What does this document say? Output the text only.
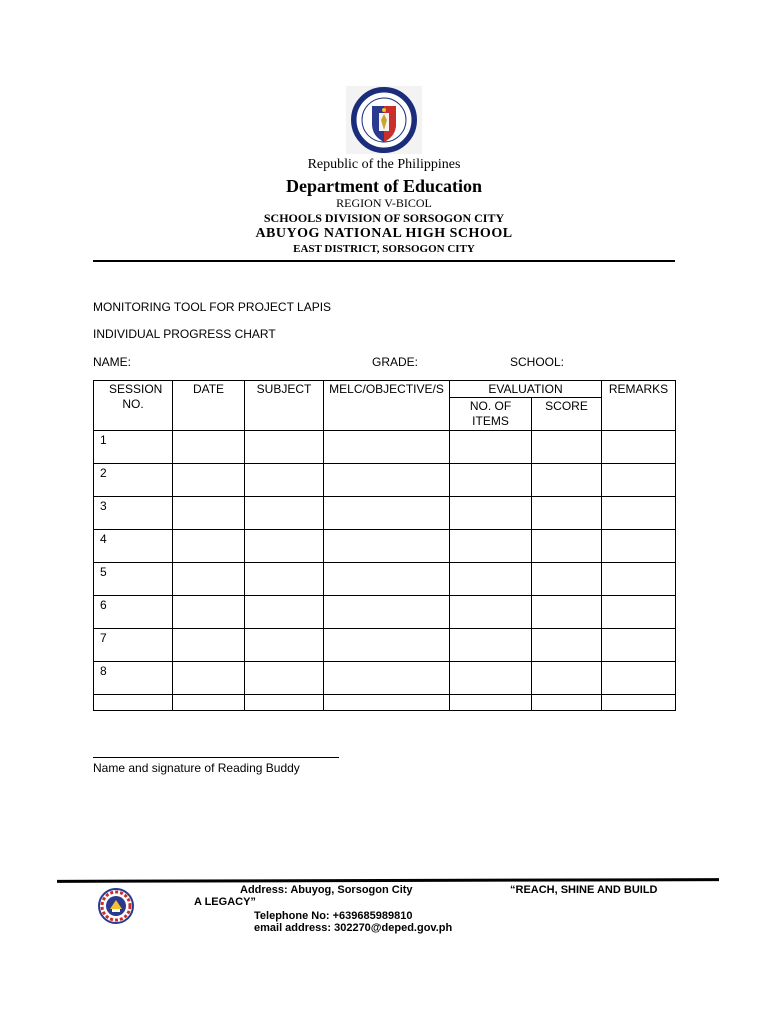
Republic of the Philippines
Department of Education
REGION V-BICOL
SCHOOLS DIVISION OF SORSOGON CITY
ABUYOG NATIONAL HIGH SCHOOL
EAST DISTRICT, SORSOGON CITY
MONITORING TOOL FOR PROJECT LAPIS
INDIVIDUAL PROGRESS CHART
NAME:	GRADE:	SCHOOL:
SESSION NO.	DATE	SUBJECT	MELC/OBJECTIVE/S	EVALUATION		REMARKS
				NO. OF ITEMS	SCORE	
1						
2						
3						
4						
5						
6						
7						
8						

Name and signature of Reading Buddy
Address: Abuyog, Sorsogon City	“REACH, SHINE AND BUILD
A LEGACY”
Telephone No: +639685989810
email address: 302270@deped.gov.ph
